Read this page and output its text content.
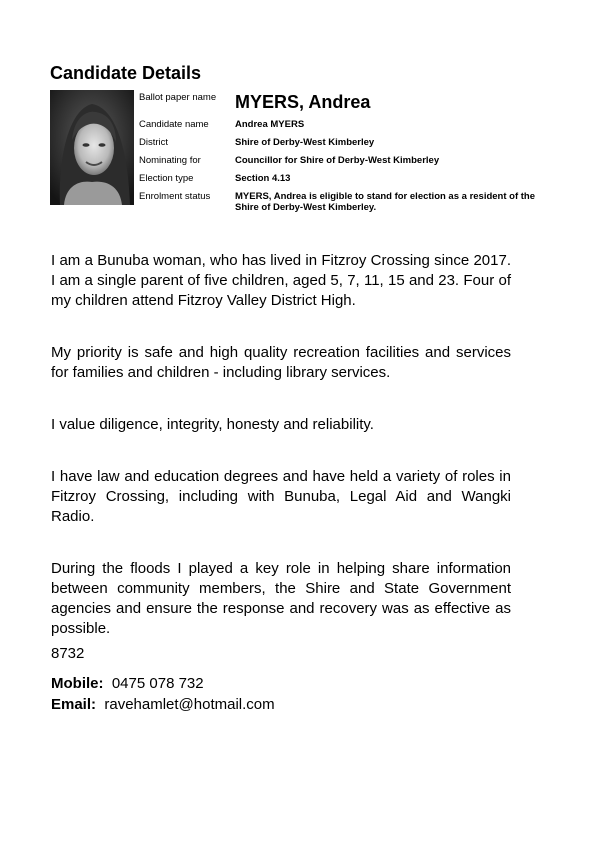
Candidate Details
Ballot paper name	MYERS, Andrea
Candidate name	Andrea MYERS
District	Shire of Derby-West Kimberley
Nominating for	Councillor for Shire of Derby-West Kimberley
Election type	Section 4.13
Enrolment status	MYERS, Andrea is eligible to stand for election as a resident of the Shire of Derby-West Kimberley.

I am a Bunuba woman, who has lived in Fitzroy Crossing since 2017. I am a single parent of five children, aged 5, 7, 11, 15 and 23. Four of my children attend Fitzroy Valley District High.

My priority is safe and high quality recreation facilities and services for families and children - including library services.

I value diligence, integrity, honesty and reliability.

I have law and education degrees and have held a variety of roles in Fitzroy Crossing, including with Bunuba, Legal Aid and Wangki Radio.

During the floods I played a key role in helping share information between community members, the Shire and State Government agencies and ensure the response and recovery was as effective as possible.

8732
Mobile: 0475 078 732
Email: ravehamlet@hotmail.com
